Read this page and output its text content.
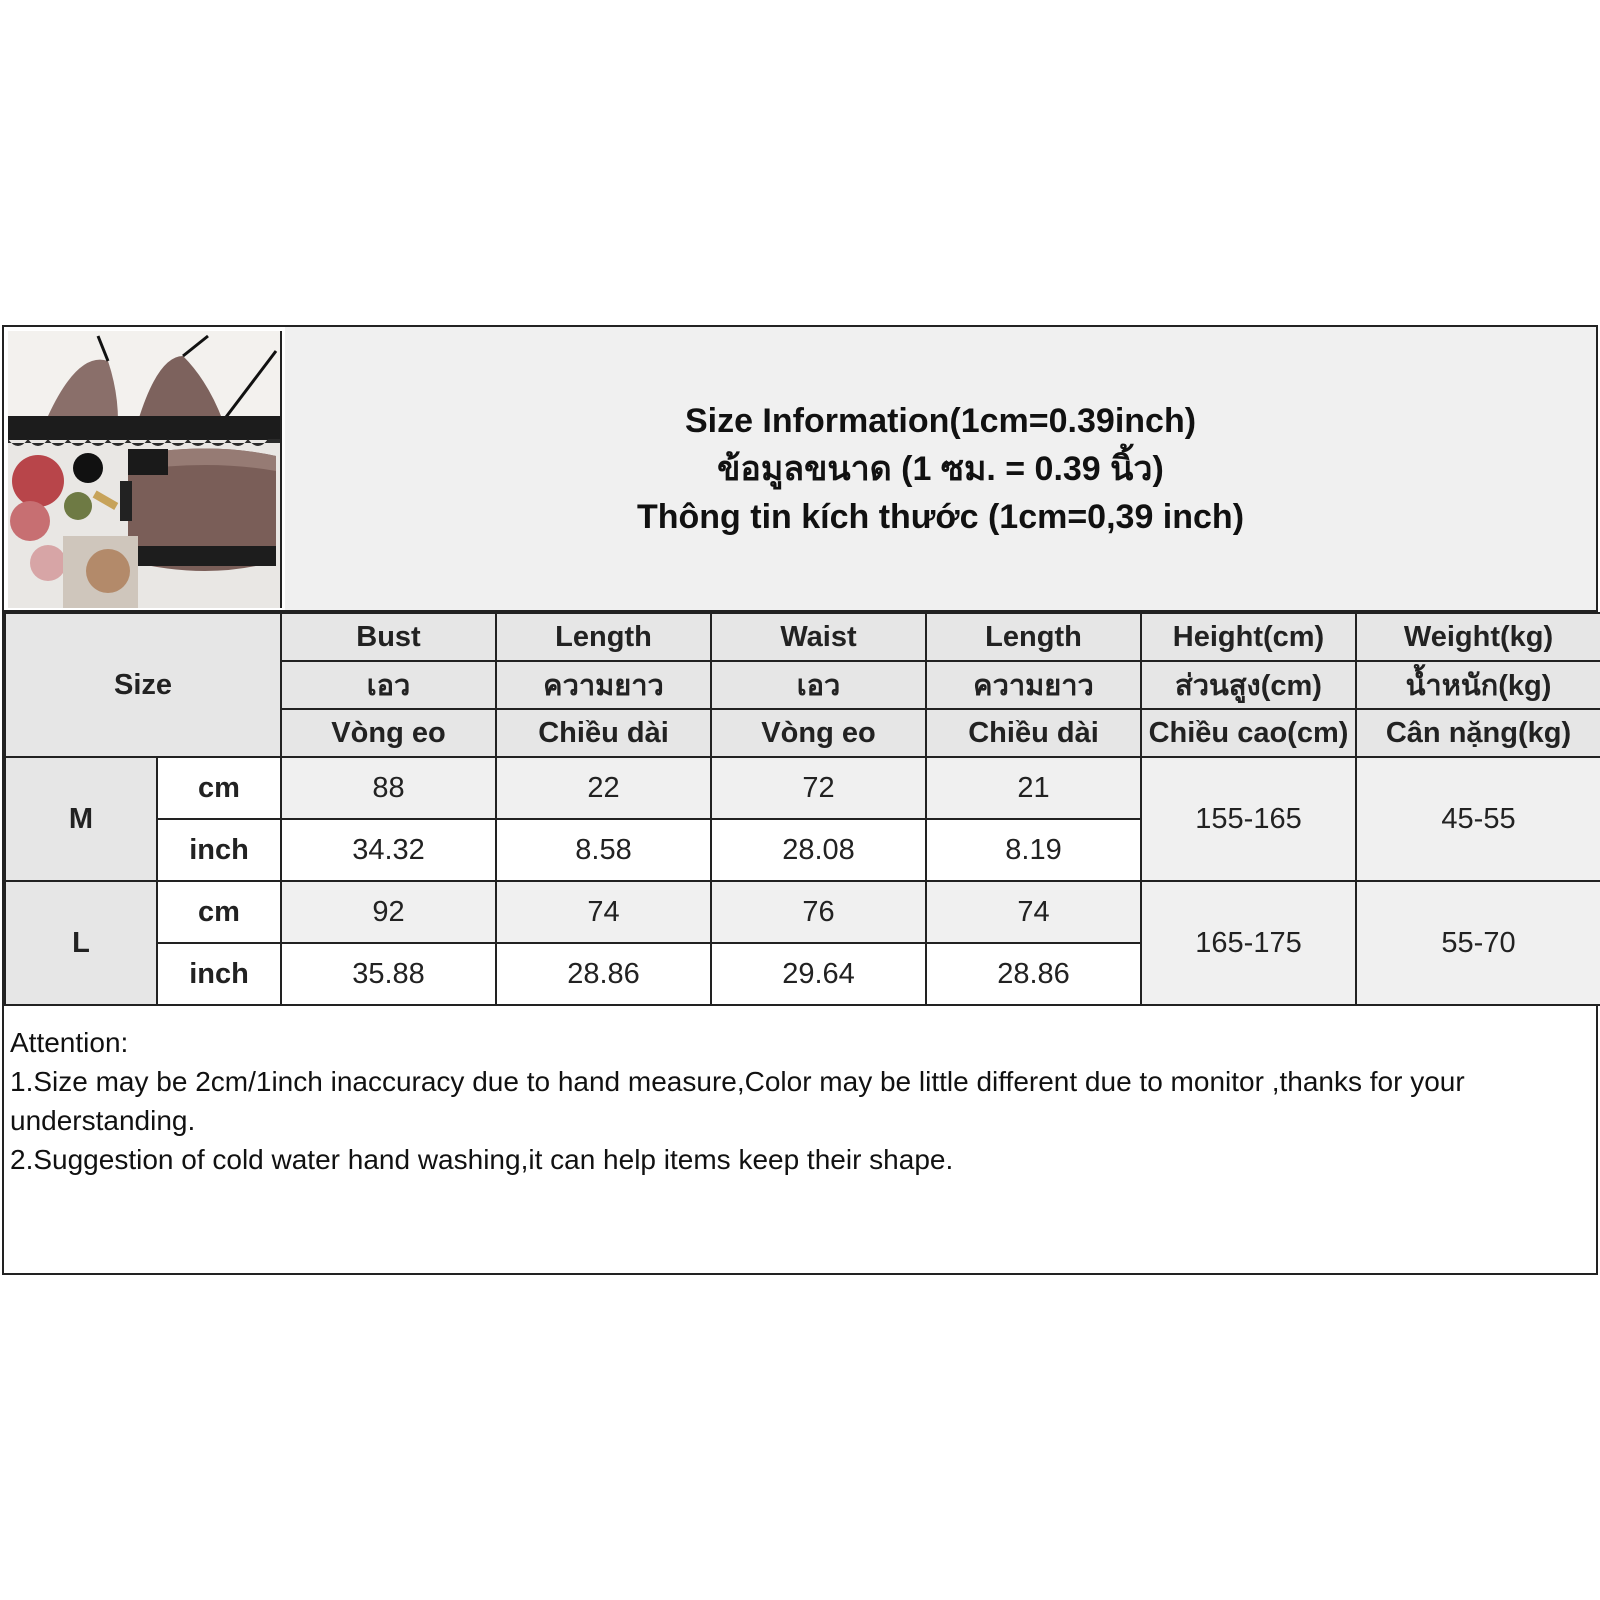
Size Information(1cm=0.39inch)
ข้อมูลขนาด (1 ซม. = 0.39 นิ้ว)
Thông tin kích thước (1cm=0,39 inch)
Size		Bust	Length	Waist	Length	Height(cm)	Weight(kg)
		เอว	ความยาว	เอว	ความยาว	ส่วนสูง(cm)	น้ำหนัก(kg)
		Vòng eo	Chiều dài	Vòng eo	Chiều dài	Chiều cao(cm)	Cân nặng(kg)
M	cm	88	22	72	21	155-165	45-55
	inch	34.32	8.58	28.08	8.19		
L	cm	92	74	76	74	165-175	55-70
	inch	35.88	28.86	29.64	28.86		
Attention:
1.Size may be 2cm/1inch inaccuracy due to hand measure,Color may be little different due to monitor ,thanks for your
understanding.
2.Suggestion of cold water hand washing,it can help items keep their shape.
